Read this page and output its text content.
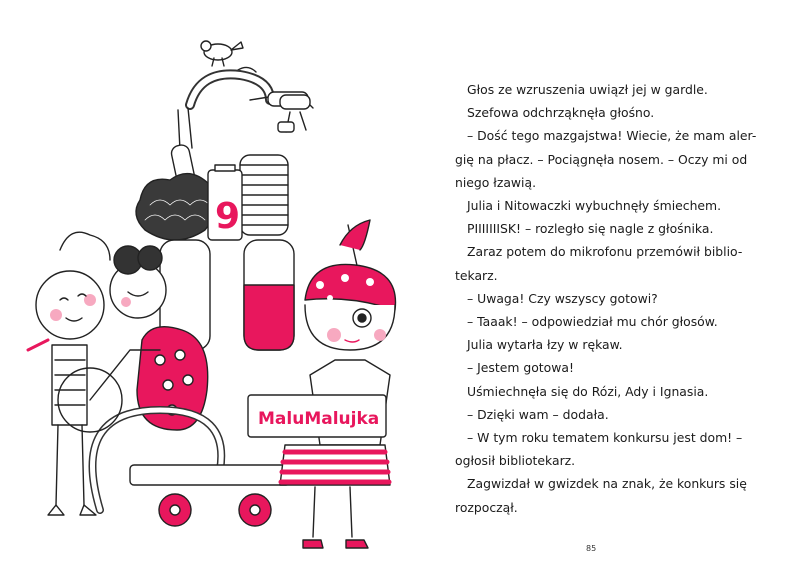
MaluMalujka
9
Głos ze wzruszenia uwiązł jej w gardle.
Szefowa odchrząknęła głośno.
– Dość tego mazgajstwa! Wiecie, że mam aler-
gię na płacz. – Pociągnęła nosem. – Oczy mi od
niego łzawią.
Julia i Nitowaczki wybuchnęły śmiechem.
PIIIIIIISK! – rozległo się nagle z głośnika.
Zaraz potem do mikrofonu przemówił biblio-
tekarz.
– Uwaga! Czy wszyscy gotowi?
– Taaak! – odpowiedział mu chór głosów.
Julia wytarła łzy w rękaw.
– Jestem gotowa!
Uśmiechnęła się do Rózi, Ady i Ignasia.
– Dzięki wam – dodała.
– W tym roku tematem konkursu jest dom! –
ogłosił bibliotekarz.
Zagwizdał w gwizdek na znak, że konkurs się
rozpoczął.
85
